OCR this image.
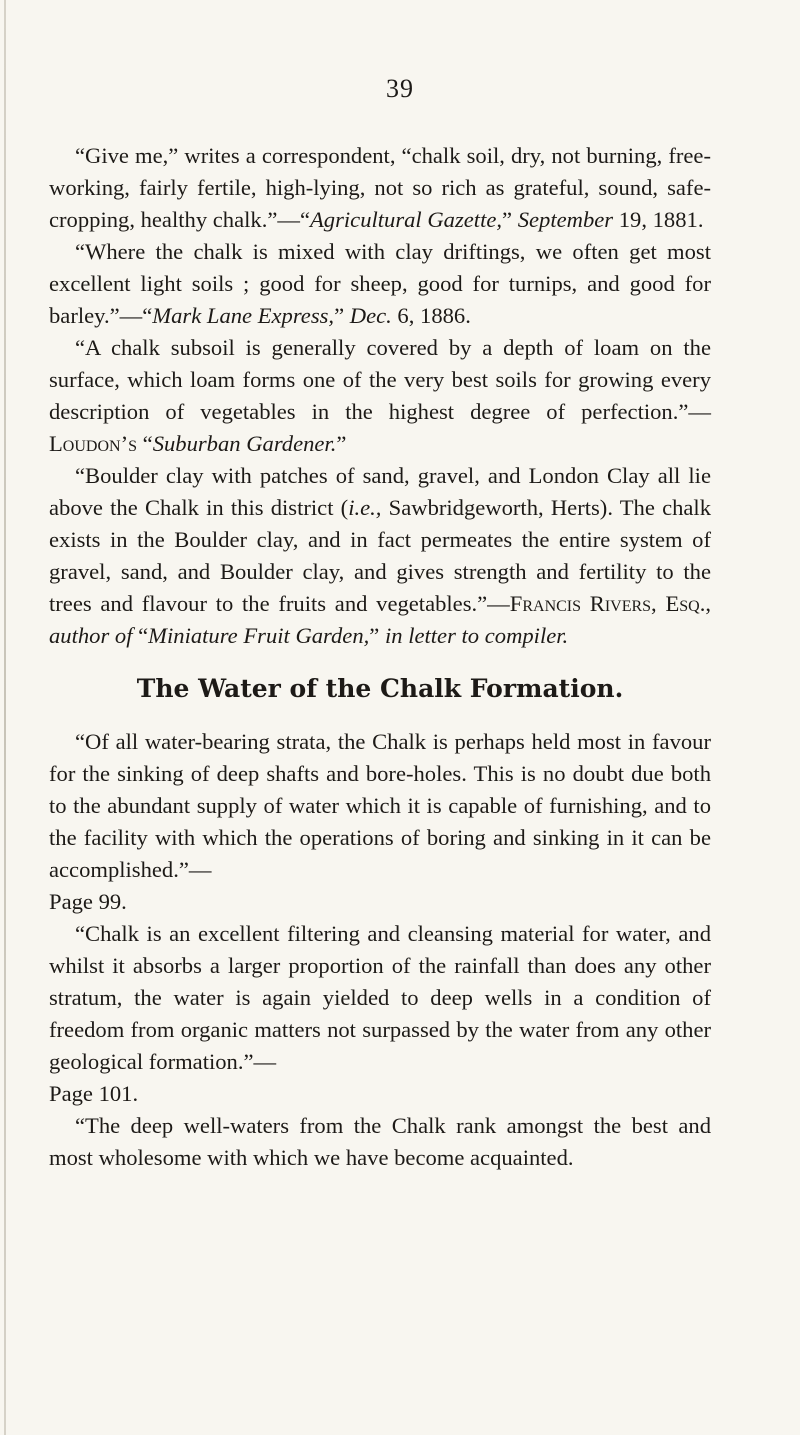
39

“Give me,” writes a correspondent, “chalk soil, dry, not burning, free-working, fairly fertile, high-lying, not so rich as grateful, sound, safe-cropping, healthy chalk.”—“Agricultural Gazette,” September 19, 1881.

“Where the chalk is mixed with clay driftings, we often get most excellent light soils ; good for sheep, good for turnips, and good for barley.”—“Mark Lane Express,” Dec. 6, 1886.

“A chalk subsoil is generally covered by a depth of loam on the surface, which loam forms one of the very best soils for growing every description of vegetables in the highest degree of perfection.”—Loudon’s “Suburban Gardener.”

“Boulder clay with patches of sand, gravel, and London Clay all lie above the Chalk in this district (i.e., Sawbridgeworth, Herts). The chalk exists in the Boulder clay, and in fact permeates the entire system of gravel, sand, and Boulder clay, and gives strength and fertility to the trees and flavour to the fruits and vegetables.”—Francis Rivers, Esq., author of “Miniature Fruit Garden,” in letter to compiler.

The Water of the Chalk Formation.

“Of all water-bearing strata, the Chalk is perhaps held most in favour for the sinking of deep shafts and bore-holes. This is no doubt due both to the abundant supply of water which it is capable of furnishing, and to the facility with which the operations of boring and sinking in it can be accomplished.”—

Page 99.

“Chalk is an excellent filtering and cleansing material for water, and whilst it absorbs a larger proportion of the rainfall than does any other stratum, the water is again yielded to deep wells in a condition of freedom from organic matters not surpassed by the water from any other geological formation.”—

Page 101.

“The deep well-waters from the Chalk rank amongst the best and most wholesome with which we have become acquainted.
